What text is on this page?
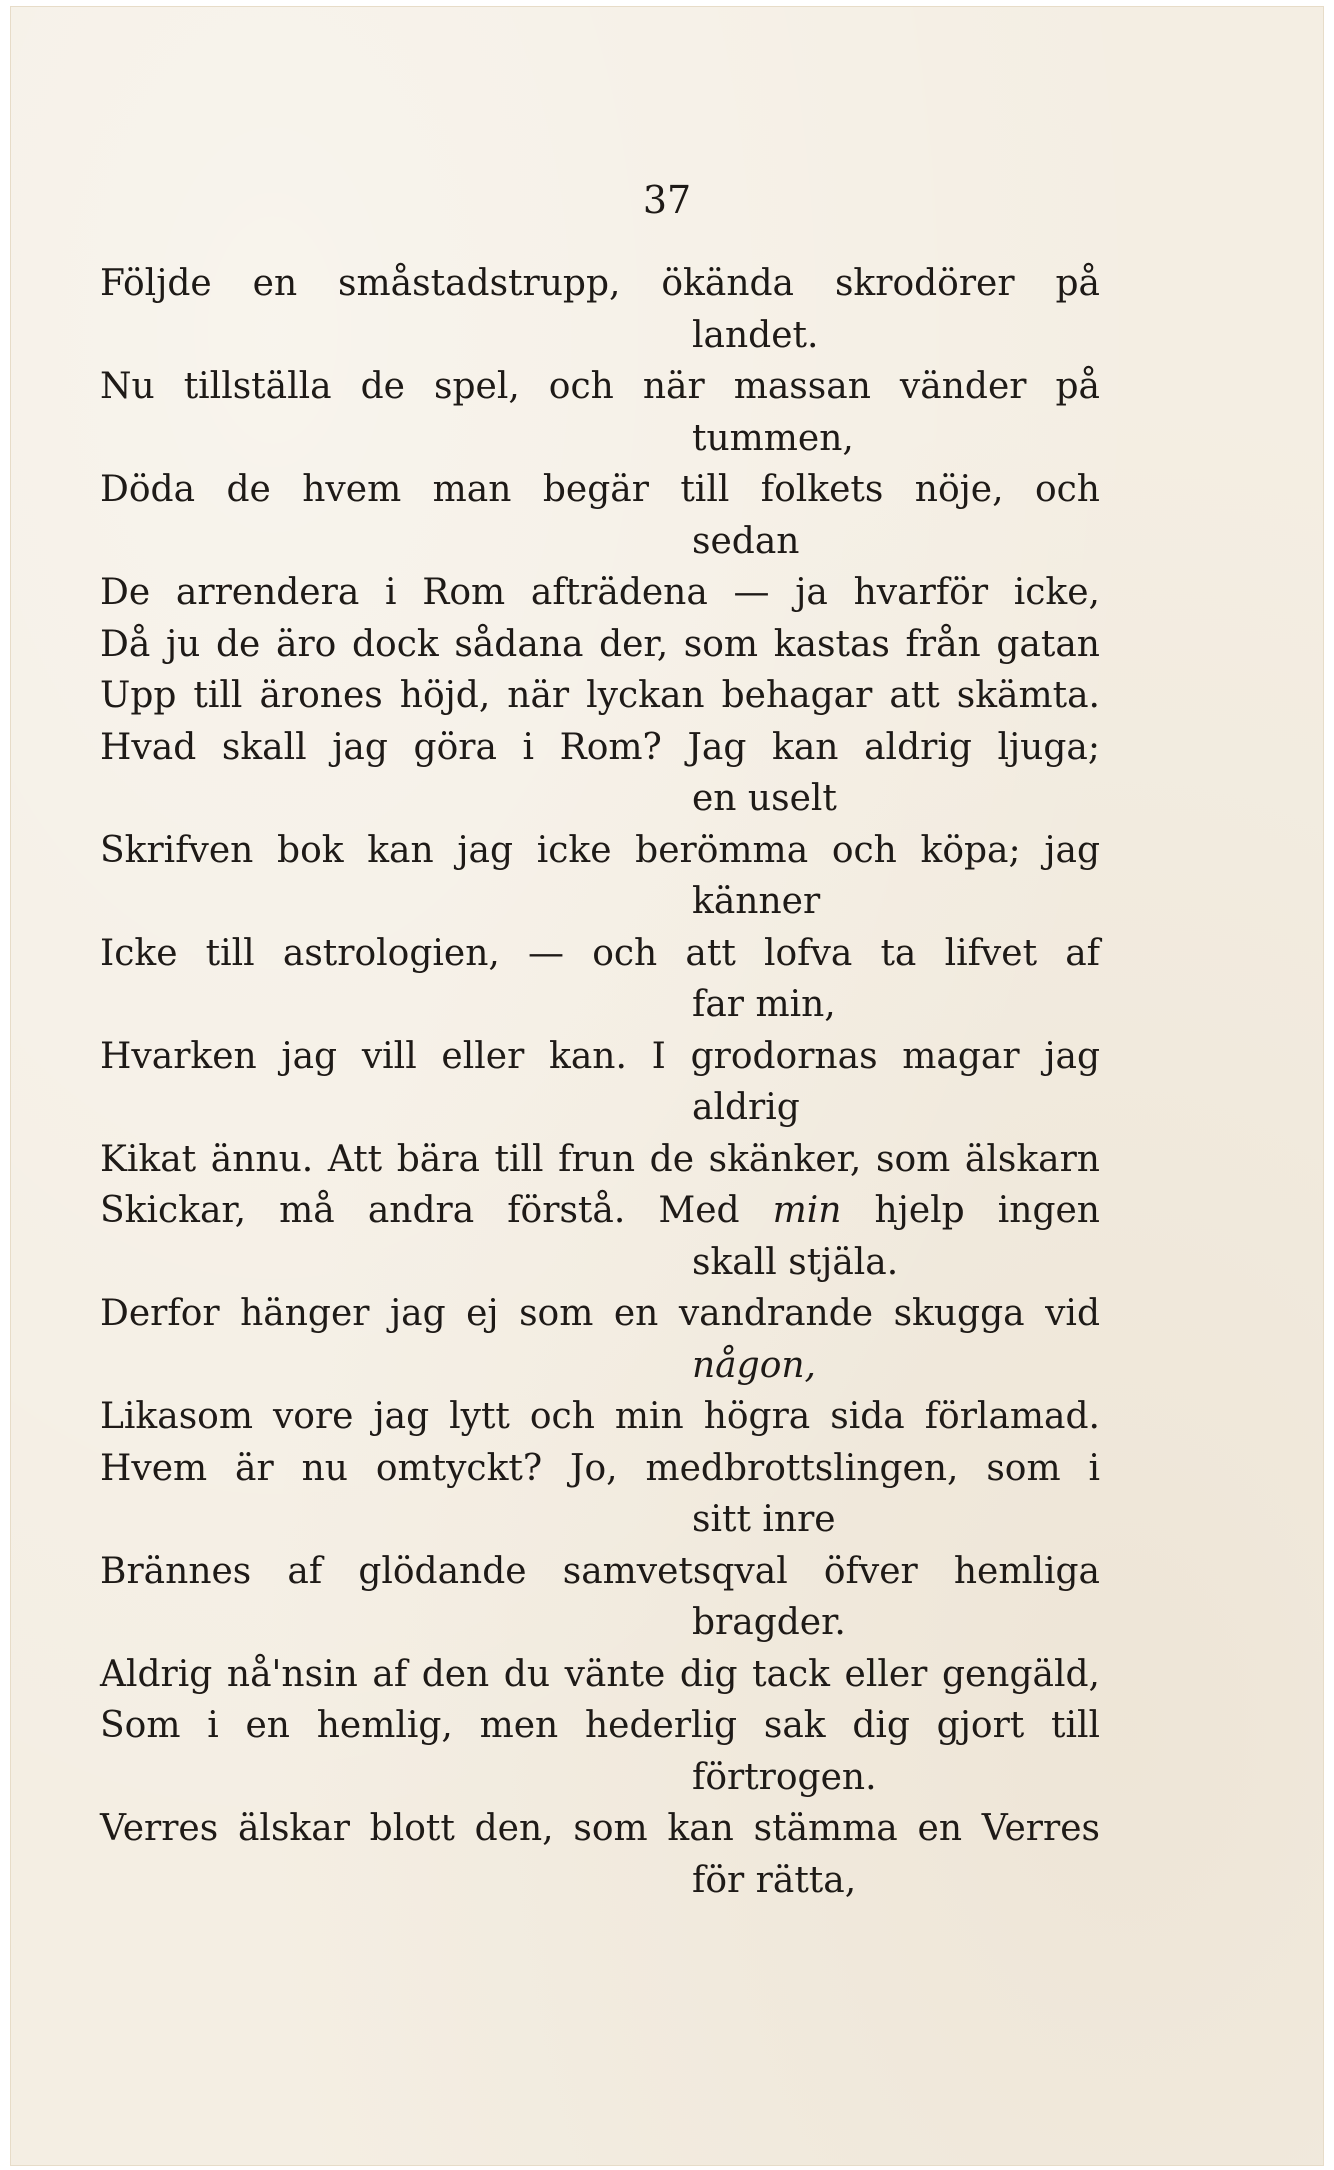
37
Följde en småstadstrupp, ökända skrodörer på
landet.
Nu tillställa de spel, och när massan vänder på
tummen,
Döda de hvem man begär till folkets nöje, och
sedan
De arrendera i Rom afträdena — ja hvarför icke,
Då ju de äro dock sådana der, som kastas från gatan
Upp till ärones höjd, när lyckan behagar att skämta.
Hvad skall jag göra i Rom? Jag kan aldrig ljuga;
en uselt
Skrifven bok kan jag icke berömma och köpa; jag
känner
Icke till astrologien, — och att lofva ta lifvet af
far min,
Hvarken jag vill eller kan. I grodornas magar jag
aldrig
Kikat ännu. Att bära till frun de skänker, som älskarn
Skickar, må andra förstå. Med min hjelp ingen
skall stjäla.
Derfor hänger jag ej som en vandrande skugga vid
någon,
Likasom vore jag lytt och min högra sida förlamad.
Hvem är nu omtyckt? Jo, medbrottslingen, som i
sitt inre
Brännes af glödande samvetsqval öfver hemliga
bragder.
Aldrig nå'nsin af den du vänte dig tack eller gengäld,
Som i en hemlig, men hederlig sak dig gjort till
förtrogen.
Verres älskar blott den, som kan stämma en Verres
för rätta,
